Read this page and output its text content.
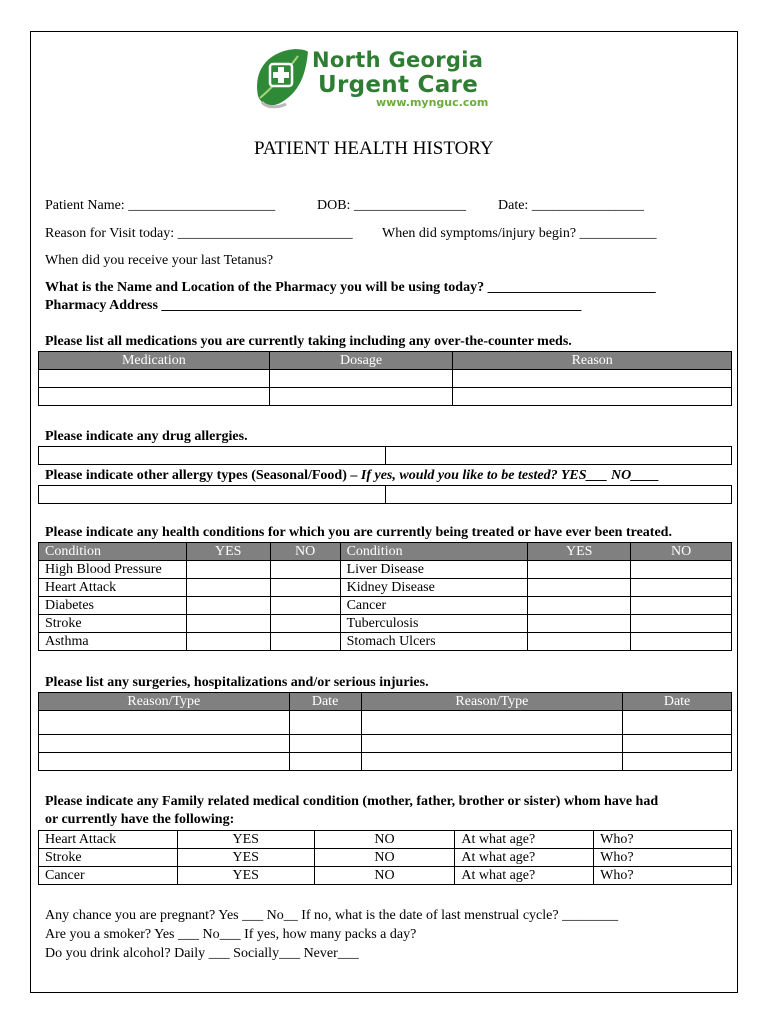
North Georgia
Urgent Care
www.mynguc.com
PATIENT HEALTH HISTORY
Patient Name: _____________________	DOB: ________________ Date: ________________
Reason for Visit today: _________________________ When did symptoms/injury begin? ___________
When did you receive your last Tetanus?
What is the Name and Location of the Pharmacy you will be using today? ________________________
Pharmacy Address ____________________________________________________________
Please list all medications you are currently taking including any over-the-counter meds.
Medication	Dosage	Reason

Please indicate any drug allergies.

Please indicate other allergy types (Seasonal/Food) – If yes, would you like to be tested? YES___ NO____

Please indicate any health conditions for which you are currently being treated or have ever been treated.
Condition	YES	NO	Condition	YES	NO
High Blood Pressure			Liver Disease		
Heart Attack			Kidney Disease		
Diabetes			Cancer		
Stroke			Tuberculosis		
Asthma			Stomach Ulcers		
Please list any surgeries, hospitalizations and/or serious injuries.
Reason/Type	Date	Reason/Type	Date

Please indicate any Family related medical condition (mother, father, brother or sister) whom have had
or currently have the following:
Heart Attack	YES	NO	At what age?	Who?
Stroke	YES	NO	At what age?	Who?
Cancer	YES	NO	At what age?	Who?
Any chance you are pregnant? Yes ___ No__ If no, what is the date of last menstrual cycle? ________
Are you a smoker? Yes ___ No___ If yes, how many packs a day?
Do you drink alcohol? Daily ___ Socially___ Never___
